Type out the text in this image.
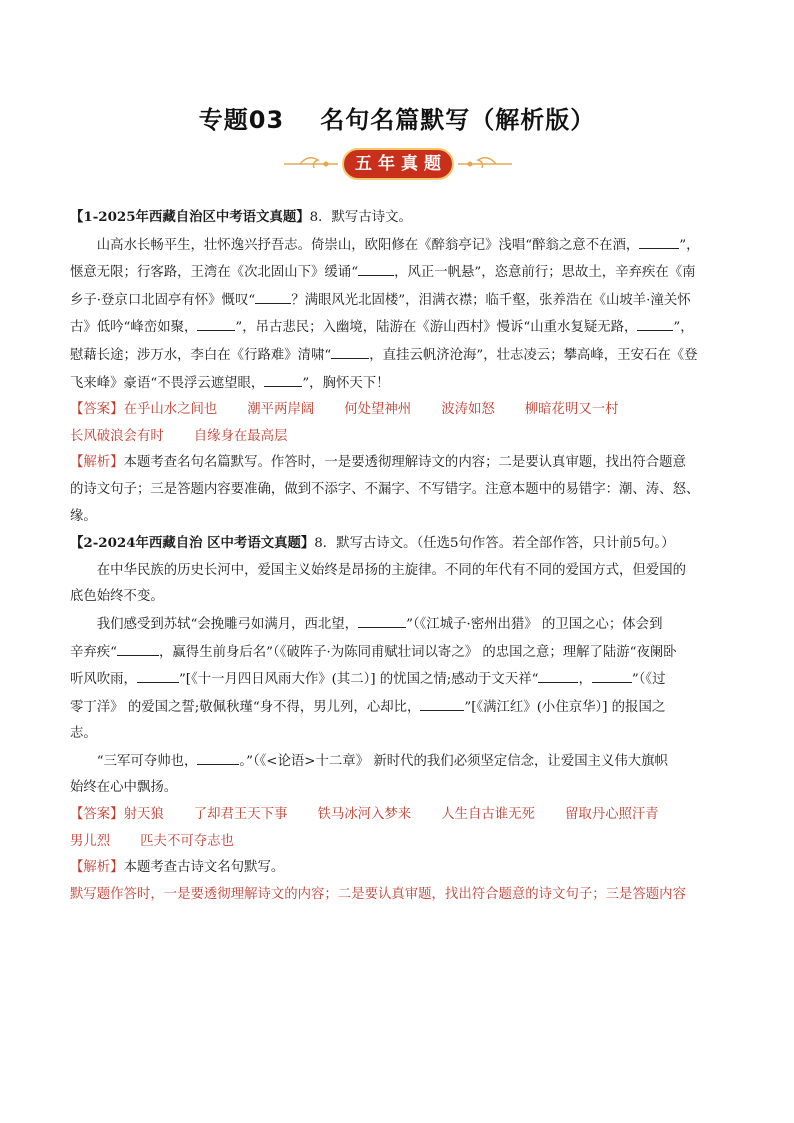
专题03 名句名篇默写（解析版）
五年真题

【1-2025年西藏自治区中考语文真题】8．默写古诗文。

山高水长畅平生，壮怀逸兴抒吾志。倚崇山，欧阳修在《醉翁亭记》浅唱“醉翁之意不在酒，	”，

惬意无限；行客路，王湾在《次北固山下》缓诵“	，风正一帆悬”，恣意前行；思故土，辛弃疾在《南

乡子·登京口北固亭有怀》慨叹“	？满眼风光北固楼”，泪满衣襟；临千壑，张养浩在《山坡羊·潼关怀

古》低吟“峰峦如聚，	”，吊古悲民；入幽境，陆游在《游山西村》慢诉“山重水复疑无路，	”，

慰藉长途；涉万水，李白在《行路难》清啸“	，直挂云帆济沧海”，壮志凌云；攀高峰，王安石在《登

飞来峰》豪语“不畏浮云遮望眼，	”，胸怀天下！

【答案】在乎山水之间也 潮平两岸阔 何处望神州 波涛如怒 柳暗花明又一村

长风破浪会有时 自缘身在最高层

【解析】本题考查名句名篇默写。作答时，一是要透彻理解诗文的内容；二是要认真审题，找出符合题意

的诗文句子；三是答题内容要准确，做到不添字、不漏字、不写错字。注意本题中的易错字：潮、涛、怒、

缘。

【2-2024年西藏自治 区中考语文真题】8．默写古诗文。（任选5句作答。若全部作答，只计前5句。）

在中华民族的历史长河中，爱国主义始终是昂扬的主旋律。不同的年代有不同的爱国方式，但爱国的

底色始终不变。

我们感受到苏轼“会挽雕弓如满月，西北望，	”（《江城子·密州出猎》 的卫国之心；体会到

辛弃疾“	，赢得生前身后名”（《破阵子·为陈同甫赋壮词以寄之》 的忠国之意；理解了陆游“夜阑卧

听风吹雨，	”[《十一月四日风雨大作》(其二）] 的忧国之情;感动于文天祥“	，	”（《过

零丁洋》 的爱国之誓;敬佩秋瑾“身不得，男儿列，心却比，	”[《满江红》(小住京华）] 的报国之

志。

“三军可夺帅也，	。”（《<论语>十二章》 新时代的我们必须坚定信念，让爱国主义伟大旗帜

始终在心中飘扬。

【答案】射天狼 了却君王天下事 铁马冰河入梦来 人生自古谁无死 留取丹心照汗青

男儿烈 匹夫不可夺志也

【解析】本题考查古诗文名句默写。

默写题作答时，一是要透彻理解诗文的内容；二是要认真审题，找出符合题意的诗文句子；三是答题内容
